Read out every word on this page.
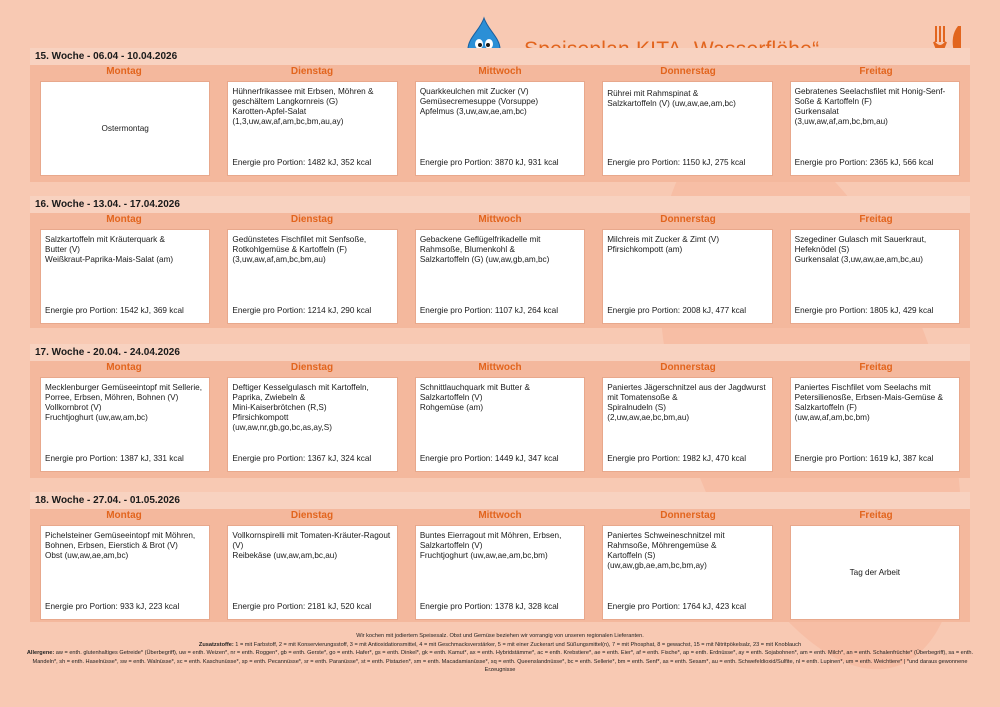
15. Woche - 06.04 - 10.04.2026
Montag	Dienstag	Mittwoch	Donnerstag	Freitag
Ostermontag
Hühnerfrikassee mit Erbsen, Möhren & geschältem Langkornreis (G)
Karotten-Apfel-Salat
(1,3,uw,aw,af,am,bc,bm,au,ay)
Energie pro Portion: 1482 kJ, 352 kcal
Quarkkeulchen mit Zucker (V)
Gemüsecremesuppe (Vorsuppe)
Apfelmus (3,uw,aw,ae,am,bc)
Energie pro Portion: 3870 kJ, 931 kcal
Rührei mit Rahmspinat &
Salzkartoffeln (V) (uw,aw,ae,am,bc)
Energie pro Portion: 1150 kJ, 275 kcal
Gebratenes Seelachsfilet mit Honig-Senf-Soße & Kartoffeln (F)
Gurkensalat
(3,uw,aw,af,am,bc,bm,au)
Energie pro Portion: 2365 kJ, 566 kcal
16. Woche - 13.04. - 17.04.2026
Montag	Dienstag	Mittwoch	Donnerstag	Freitag
Salzkartoffeln mit Kräuterquark &
Butter (V)
Weißkraut-Paprika-Mais-Salat (am)
Energie pro Portion: 1542 kJ, 369 kcal
Gedünstetes Fischfilet mit Senfsoße, Rotkohlgemüse & Kartoffeln (F)
(3,uw,aw,af,am,bc,bm,au)
Energie pro Portion: 1214 kJ, 290 kcal
Gebackene Geflügelfrikadelle mit Rahmsoße, Blumenkohl &
Salzkartoffeln (G) (uw,aw,gb,am,bc)
Energie pro Portion: 1107 kJ, 264 kcal
Milchreis mit Zucker & Zimt (V)
Pfirsichkompott (am)
Energie pro Portion: 2008 kJ, 477 kcal
Szegediner Gulasch mit Sauerkraut, Hefeknödel (S)
Gurkensalat (3,uw,aw,ae,am,bc,au)
Energie pro Portion: 1805 kJ, 429 kcal
17. Woche - 20.04. - 24.04.2026
Montag	Dienstag	Mittwoch	Donnerstag	Freitag
Mecklenburger Gemüseeintopf mit Sellerie, Porree, Erbsen, Möhren, Bohnen (V)
Vollkornbrot (V)
Fruchtjoghurt (uw,aw,am,bc)
Energie pro Portion: 1387 kJ, 331 kcal
Deftiger Kesselgulasch mit Kartoffeln, Paprika, Zwiebeln &
Mini-Kaiserbrötchen (R,S)
Pfirsichkompott
(uw,aw,nr,gb,go,bc,as,ay,S)
Energie pro Portion: 1367 kJ, 324 kcal
Schnittlauchquark mit Butter &
Salzkartoffeln (V)
Rohgemüse (am)
Energie pro Portion: 1449 kJ, 347 kcal
Paniertes Jägerschnitzel aus der Jagdwurst mit Tomatensoße &
Spiralnudeln (S)
(2,uw,aw,ae,bc,bm,au)
Energie pro Portion: 1982 kJ, 470 kcal
Paniertes Fischfilet vom Seelachs mit Petersilienosße, Erbsen-Mais-Gemüse & Salzkartoffeln (F)
(uw,aw,af,am,bc,bm)
Energie pro Portion: 1619 kJ, 387 kcal
18. Woche - 27.04. - 01.05.2026
Montag	Dienstag	Mittwoch	Donnerstag	Freitag
Pichelsteiner Gemüseeintopf mit Möhren, Bohnen, Erbsen, Eierstich & Brot (V)
Obst (uw,aw,ae,am,bc)
Energie pro Portion: 933 kJ, 223 kcal
Vollkornspirelli mit Tomaten-Kräuter-Ragout (V)
Reibekäse (uw,aw,am,bc,au)
Energie pro Portion: 2181 kJ, 520 kcal
Buntes Eierragout mit Möhren, Erbsen, Salzkartoffeln (V)
Fruchtjoghurt (uw,aw,ae,am,bc,bm)
Energie pro Portion: 1378 kJ, 328 kcal
Paniertes Schweineschnitzel mit Rahmsoße, Möhrengemüse &
Kartoffeln (S)
(uw,aw,gb,ae,am,bc,bm,ay)
Energie pro Portion: 1764 kJ, 423 kcal
Tag der Arbeit
Wir kochen mit jodiertem Speisesalz. Obst und Gemüse beziehen wir vorrangig von unseren regionalen Lieferanten.
Zusatzstoffe: 1 = mit Farbstoff, 2 = mit Konservierungsstoff, 3 = mit Antioxidationsmittel, 4 = mit Geschmacksverstärker, 5 = mit einer Zuckerart und Süßungsmittel(n), 7 = mit Phosphat, 8 = gewachst, 15 = mit Nitritpökelsalz, 23 = mit Knoblauch
Allergene: aw = enth. glutenhaltiges Getreide* (Überbegriff), uw = enth. Weizen*, nr = enth. Roggen*, gb = enth. Gerste*, go = enth. Hafer*, gs = enth. Dinkel*, gk = enth. Kamut*, ax = enth. Hybridstämme*, ac = enth. Krebstiere*, ae = enth. Eier*, af = enth. Fische*, ap = enth. Erdnüsse*, ay = enth. Sojabohnen*, am = enth. Milch*, an = enth. Schalenfrüchte* (Überbegriff), sa = enth. Mandeln*, sh = enth. Haselnüsse*, sw = enth. Walnüsse*, sc = enth. Kaschunüsse*, sp = enth. Pecannüsse*, sr = enth. Paranüsse*, st = enth. Pistazien*, sm = enth. Macadamianüsse*, sq = enth. Queenslandnüsse*, bc = enth. Sellerie*, bm = enth. Senf*, as = enth. Sesam*, au = enth. Schwefeldioxid/Sulfite, nl = enth. Lupinen*, um = enth. Weichtiere* | *und daraus gewonnene Erzeugnisse
